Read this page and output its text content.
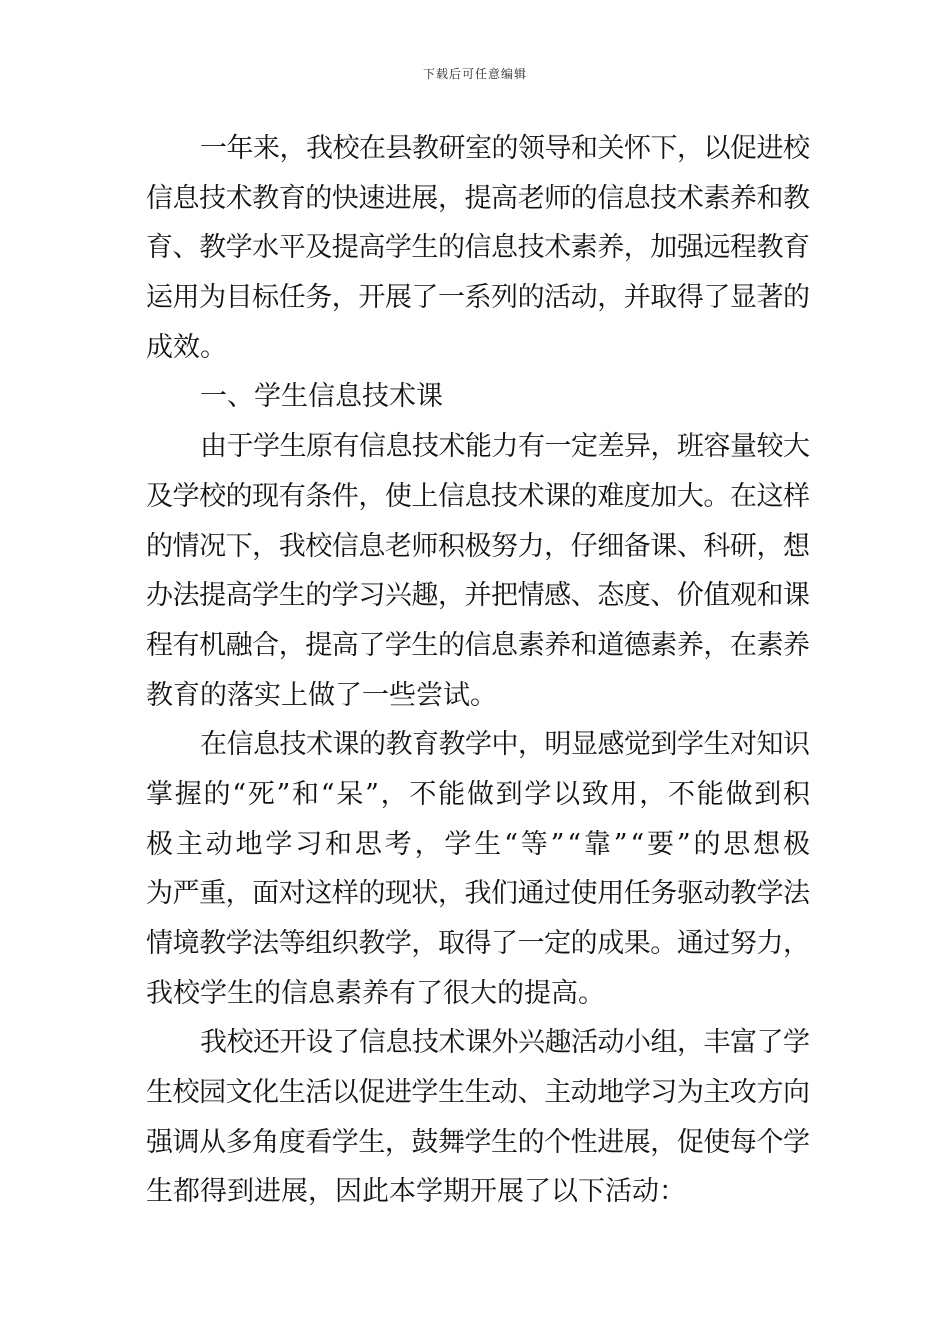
下载后可任意编辑
一年来，我校在县教研室的领导和关怀下，以促进校
信息技术教育的快速进展，提高老师的信息技术素养和教
育、教学水平及提高学生的信息技术素养，加强远程教育
运用为目标任务，开展了一系列的活动，并取得了显著的
成效。
一、学生信息技术课
由于学生原有信息技术能力有一定差异，班容量较大
及学校的现有条件，使上信息技术课的难度加大。在这样
的情况下，我校信息老师积极努力，仔细备课、科研，想
办法提高学生的学习兴趣，并把情感、态度、价值观和课
程有机融合，提高了学生的信息素养和道德素养，在素养
教育的落实上做了一些尝试。
在信息技术课的教育教学中，明显感觉到学生对知识
掌握的“死”和“呆”，不能做到学以致用，不能做到积
极主动地学习和思考，学生“等”“靠”“要”的思想极
为严重，面对这样的现状，我们通过使用任务驱动教学法
情境教学法等组织教学，取得了一定的成果。通过努力，
我校学生的信息素养有了很大的提高。
我校还开设了信息技术课外兴趣活动小组，丰富了学
生校园文化生活以促进学生生动、主动地学习为主攻方向
强调从多角度看学生，鼓舞学生的个性进展，促使每个学
生都得到进展，因此本学期开展了以下活动：
